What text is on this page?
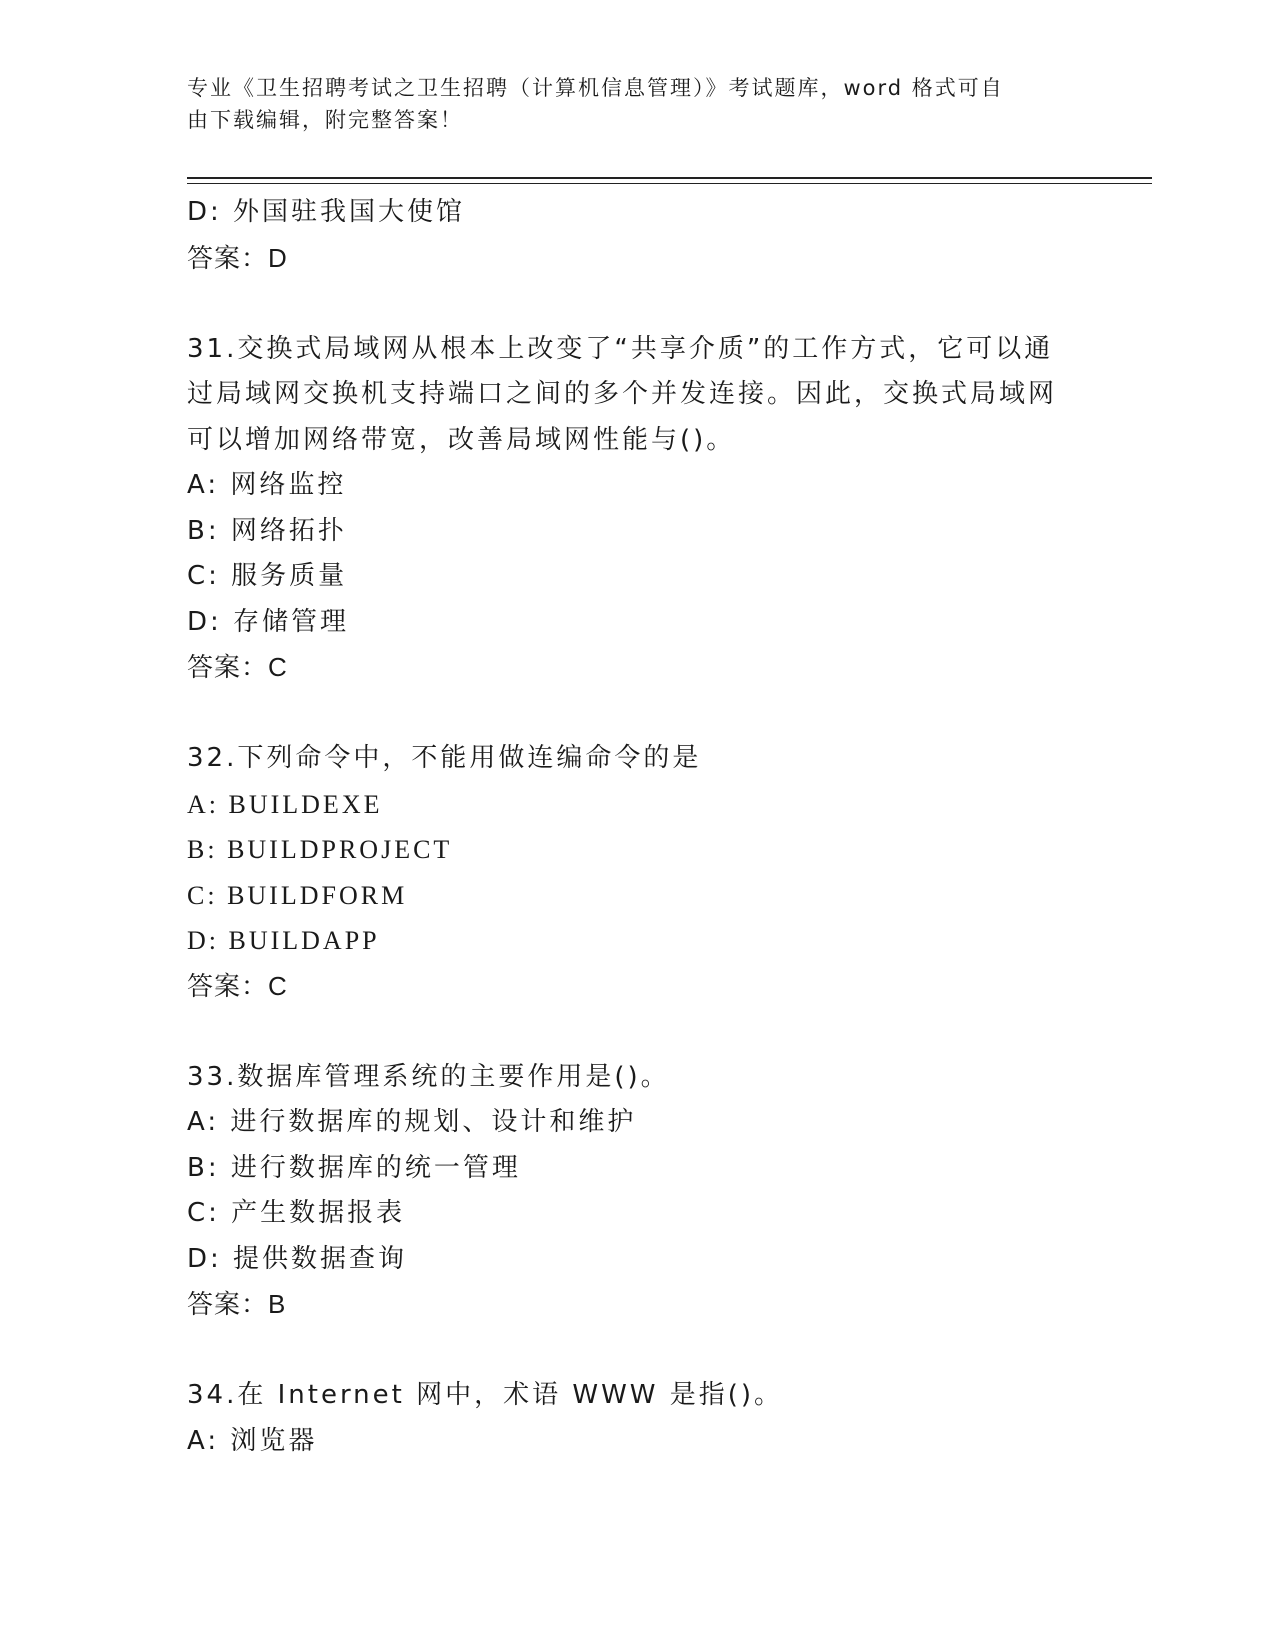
专业《卫生招聘考试之卫生招聘（计算机信息管理）》考试题库，word 格式可自
由下载编辑，附完整答案！
D: 外国驻我国大使馆
答案：D
31.交换式局域网从根本上改变了“共享介质”的工作方式，它可以通
过局域网交换机支持端口之间的多个并发连接。因此，交换式局域网
可以增加网络带宽，改善局域网性能与()。
A: 网络监控
B: 网络拓扑
C: 服务质量
D: 存储管理
答案：C
32.下列命令中，不能用做连编命令的是
A: BUILDEXE
B: BUILDPROJECT
C: BUILDFORM
D: BUILDAPP
答案：C
33.数据库管理系统的主要作用是()。
A: 进行数据库的规划、设计和维护
B: 进行数据库的统一管理
C: 产生数据报表
D: 提供数据查询
答案：B
34.在 Internet 网中，术语 WWW 是指()。
A: 浏览器
